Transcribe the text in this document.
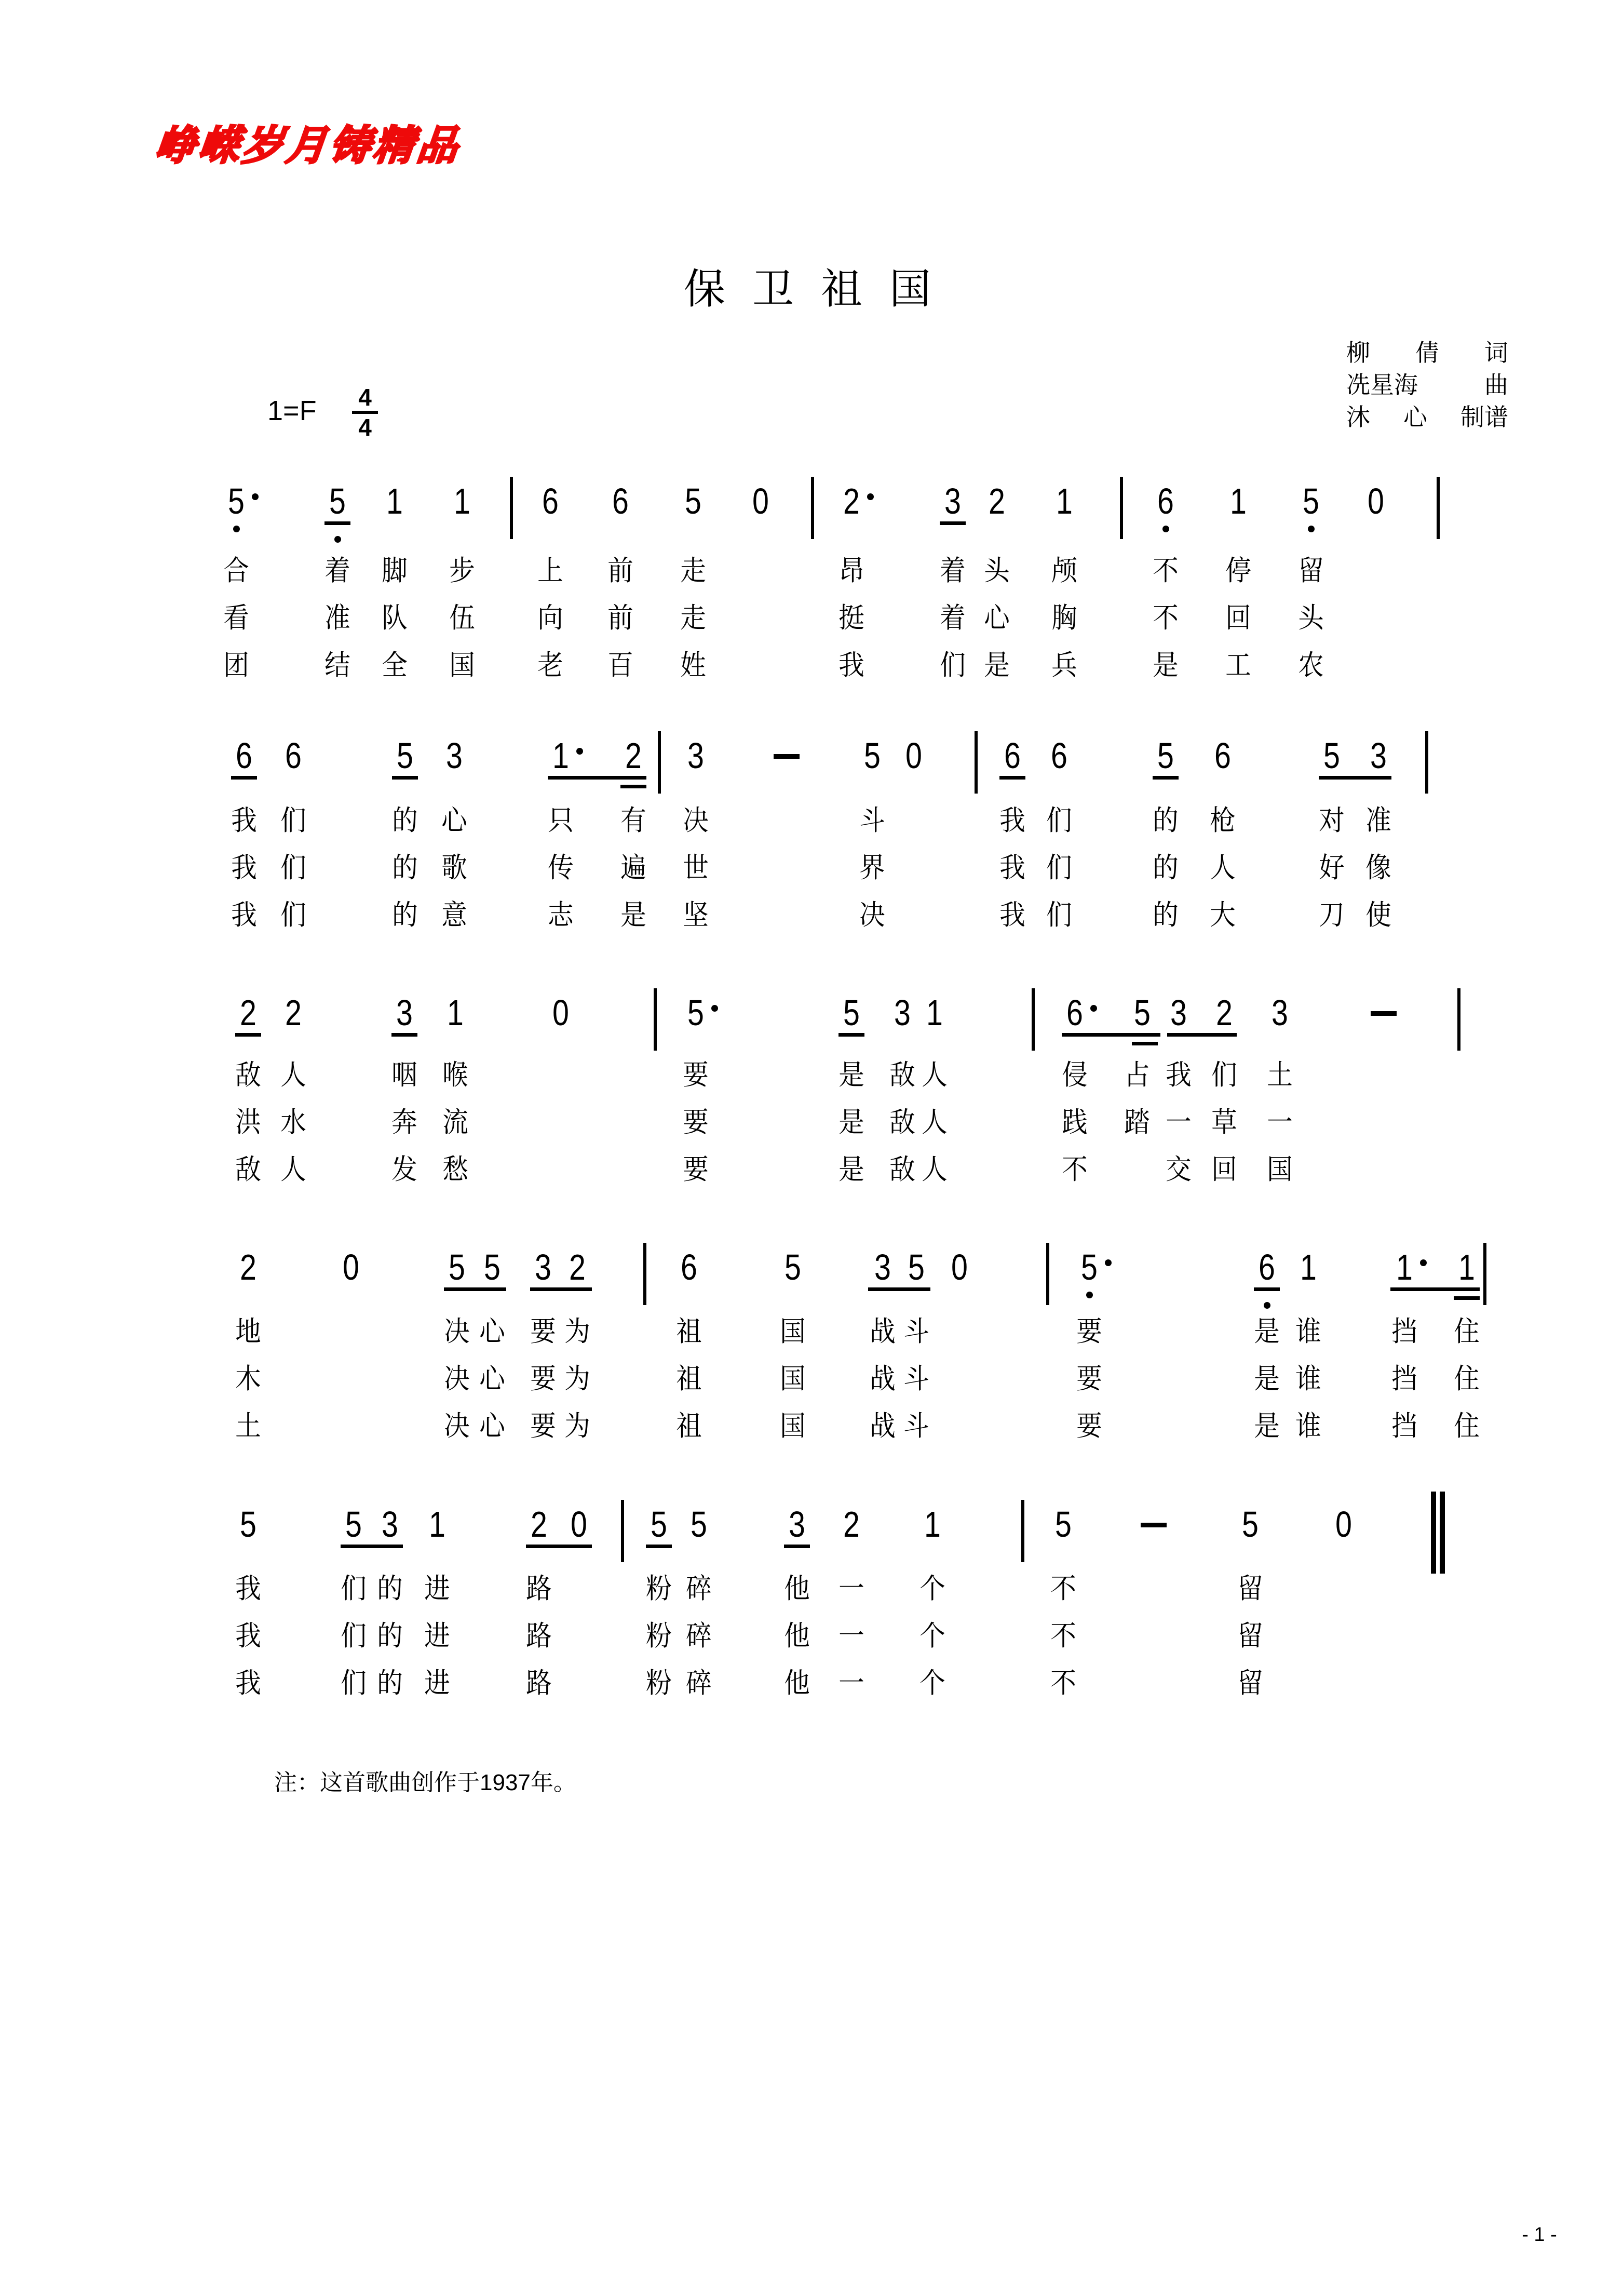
峥嵘岁月铸精品
保 卫 祖 国
柳 倩 词
冼星海	曲
沐 心 制谱
1=F 4
4
5 5 1 1 6 6 5 0 2 3 2 1 6 1 5 0
合	着 脚 步 上 前 走	昂	着 头 颅	不 停 留
看	准 队 伍 向 前 走	挺	着 心 胸	不 回 头
团	结 全 国 老 百 姓	我	们 是 兵	是 工 农
6 6	5 3 1 2 3	5 0 6 6 5 6	5 3
我 们	的 心	只 有 决	斗	我 们	的 枪	对 准
我 们	的 歌	传 遍 世	界	我 们	的 人	好 像
我 们	的 意	志 是 坚	决	我 们	的 大	刀 使
2 2	3 1 0	5	5 3 1	6 5 3 2 3
敌 人	咽 喉	要	是 敌 人	侵 占 我 们 土
洪 水	奔 流	要	是 敌 人	践 踏 一 草 一
敌 人	发 愁	要	是 敌 人	不	交 回 国
2 0 5 5 3 2	6 5 3 5 0	5	6 1 1 1
地	决 心 要 为	祖	国 战 斗	要	是 谁	挡 住
木	决 心 要 为	祖	国 战 斗	要	是 谁	挡 住
土	决 心 要 为	祖	国 战 斗	要	是 谁	挡 住
5 5 3 1 2 0 5 5 3 2 1	5	5 0
我	们 的 进	路	粉 碎	他 一 个	不	留
我	们 的 进	路	粉 碎	他 一 个	不	留
我	们 的 进	路	粉 碎	他 一 个	不	留
注：这首歌曲创作于1937年。
- 1 -
